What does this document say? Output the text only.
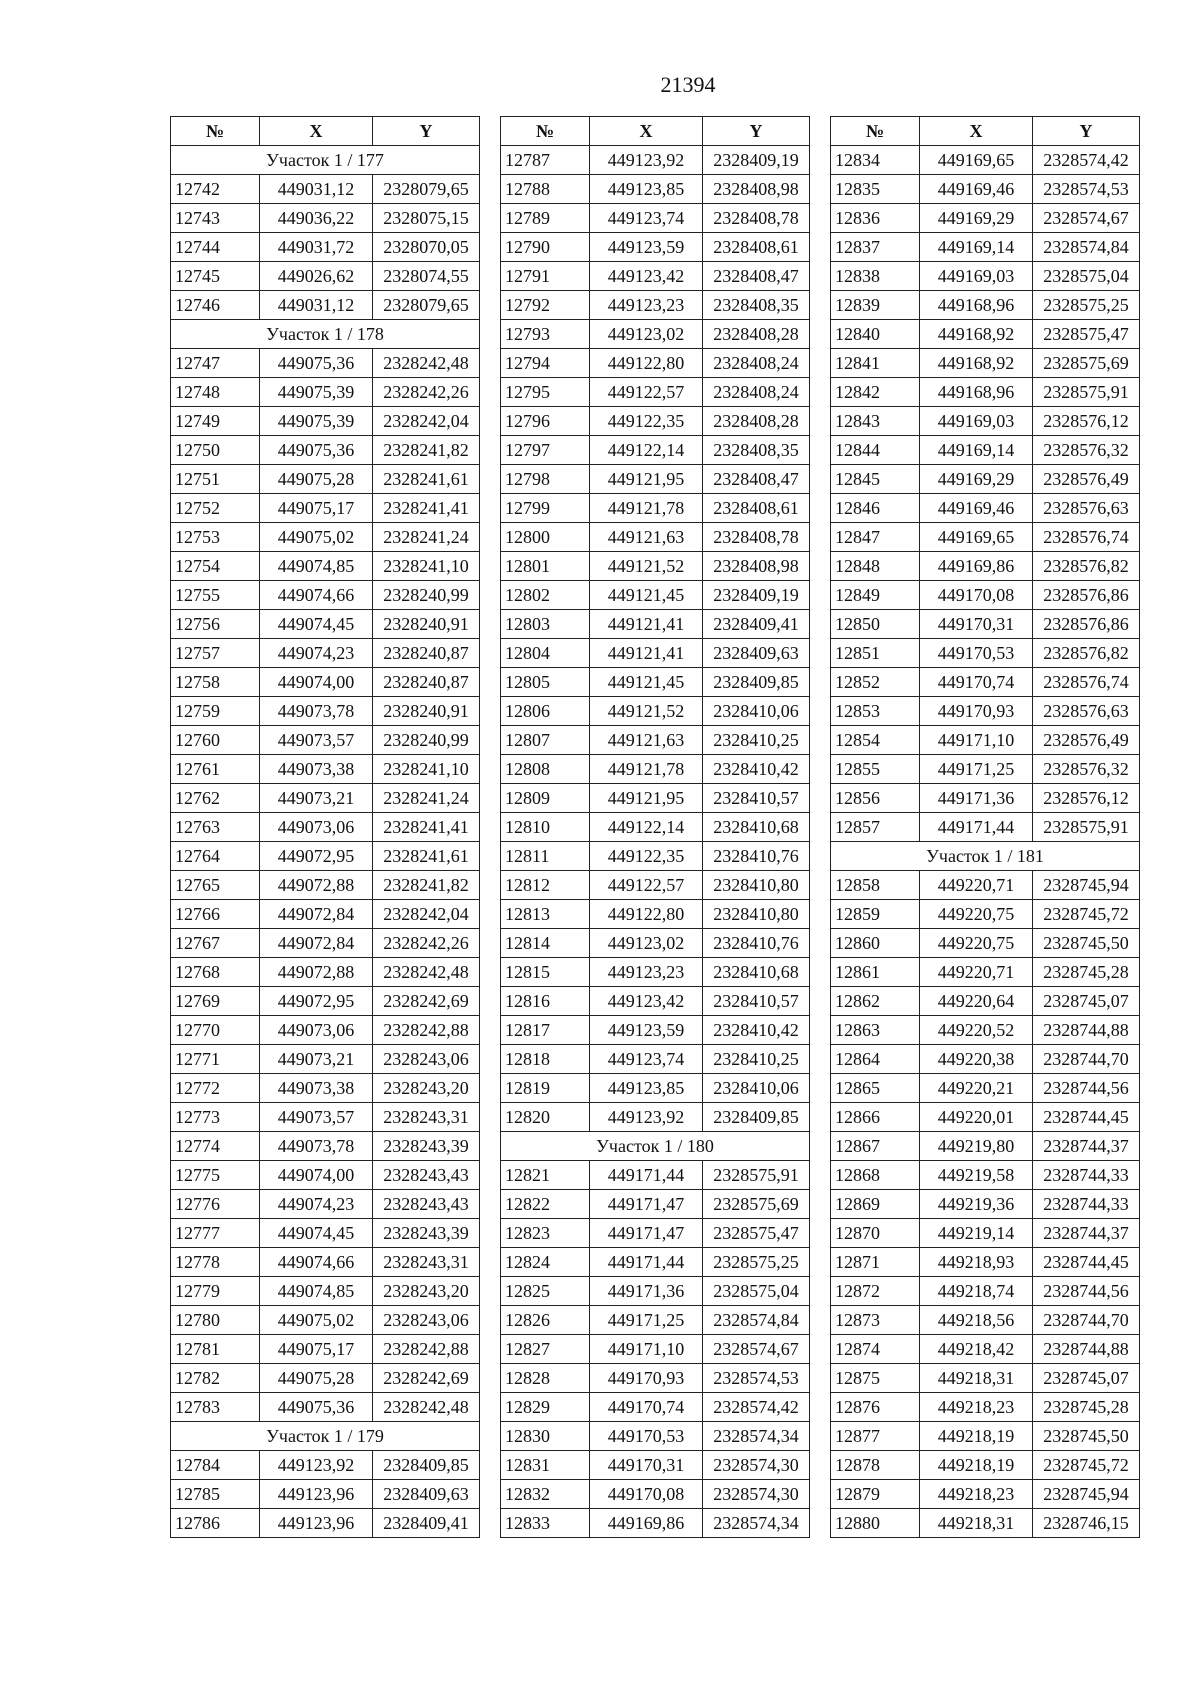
21394
№	X	Y
Участок 1 / 177		
12742	449031,12	2328079,65
12743	449036,22	2328075,15
12744	449031,72	2328070,05
12745	449026,62	2328074,55
12746	449031,12	2328079,65
Участок 1 / 178		
12747	449075,36	2328242,48
12748	449075,39	2328242,26
12749	449075,39	2328242,04
12750	449075,36	2328241,82
12751	449075,28	2328241,61
12752	449075,17	2328241,41
12753	449075,02	2328241,24
12754	449074,85	2328241,10
12755	449074,66	2328240,99
12756	449074,45	2328240,91
12757	449074,23	2328240,87
12758	449074,00	2328240,87
12759	449073,78	2328240,91
12760	449073,57	2328240,99
12761	449073,38	2328241,10
12762	449073,21	2328241,24
12763	449073,06	2328241,41
12764	449072,95	2328241,61
12765	449072,88	2328241,82
12766	449072,84	2328242,04
12767	449072,84	2328242,26
12768	449072,88	2328242,48
12769	449072,95	2328242,69
12770	449073,06	2328242,88
12771	449073,21	2328243,06
12772	449073,38	2328243,20
12773	449073,57	2328243,31
12774	449073,78	2328243,39
12775	449074,00	2328243,43
12776	449074,23	2328243,43
12777	449074,45	2328243,39
12778	449074,66	2328243,31
12779	449074,85	2328243,20
12780	449075,02	2328243,06
12781	449075,17	2328242,88
12782	449075,28	2328242,69
12783	449075,36	2328242,48
Участок 1 / 179		
12784	449123,92	2328409,85
12785	449123,96	2328409,63
12786	449123,96	2328409,41
№	X	Y
12787	449123,92	2328409,19
12788	449123,85	2328408,98
12789	449123,74	2328408,78
12790	449123,59	2328408,61
12791	449123,42	2328408,47
12792	449123,23	2328408,35
12793	449123,02	2328408,28
12794	449122,80	2328408,24
12795	449122,57	2328408,24
12796	449122,35	2328408,28
12797	449122,14	2328408,35
12798	449121,95	2328408,47
12799	449121,78	2328408,61
12800	449121,63	2328408,78
12801	449121,52	2328408,98
12802	449121,45	2328409,19
12803	449121,41	2328409,41
12804	449121,41	2328409,63
12805	449121,45	2328409,85
12806	449121,52	2328410,06
12807	449121,63	2328410,25
12808	449121,78	2328410,42
12809	449121,95	2328410,57
12810	449122,14	2328410,68
12811	449122,35	2328410,76
12812	449122,57	2328410,80
12813	449122,80	2328410,80
12814	449123,02	2328410,76
12815	449123,23	2328410,68
12816	449123,42	2328410,57
12817	449123,59	2328410,42
12818	449123,74	2328410,25
12819	449123,85	2328410,06
12820	449123,92	2328409,85
Участок 1 / 180		
12821	449171,44	2328575,91
12822	449171,47	2328575,69
12823	449171,47	2328575,47
12824	449171,44	2328575,25
12825	449171,36	2328575,04
12826	449171,25	2328574,84
12827	449171,10	2328574,67
12828	449170,93	2328574,53
12829	449170,74	2328574,42
12830	449170,53	2328574,34
12831	449170,31	2328574,30
12832	449170,08	2328574,30
12833	449169,86	2328574,34
№	X	Y
12834	449169,65	2328574,42
12835	449169,46	2328574,53
12836	449169,29	2328574,67
12837	449169,14	2328574,84
12838	449169,03	2328575,04
12839	449168,96	2328575,25
12840	449168,92	2328575,47
12841	449168,92	2328575,69
12842	449168,96	2328575,91
12843	449169,03	2328576,12
12844	449169,14	2328576,32
12845	449169,29	2328576,49
12846	449169,46	2328576,63
12847	449169,65	2328576,74
12848	449169,86	2328576,82
12849	449170,08	2328576,86
12850	449170,31	2328576,86
12851	449170,53	2328576,82
12852	449170,74	2328576,74
12853	449170,93	2328576,63
12854	449171,10	2328576,49
12855	449171,25	2328576,32
12856	449171,36	2328576,12
12857	449171,44	2328575,91
Участок 1 / 181		
12858	449220,71	2328745,94
12859	449220,75	2328745,72
12860	449220,75	2328745,50
12861	449220,71	2328745,28
12862	449220,64	2328745,07
12863	449220,52	2328744,88
12864	449220,38	2328744,70
12865	449220,21	2328744,56
12866	449220,01	2328744,45
12867	449219,80	2328744,37
12868	449219,58	2328744,33
12869	449219,36	2328744,33
12870	449219,14	2328744,37
12871	449218,93	2328744,45
12872	449218,74	2328744,56
12873	449218,56	2328744,70
12874	449218,42	2328744,88
12875	449218,31	2328745,07
12876	449218,23	2328745,28
12877	449218,19	2328745,50
12878	449218,19	2328745,72
12879	449218,23	2328745,94
12880	449218,31	2328746,15
